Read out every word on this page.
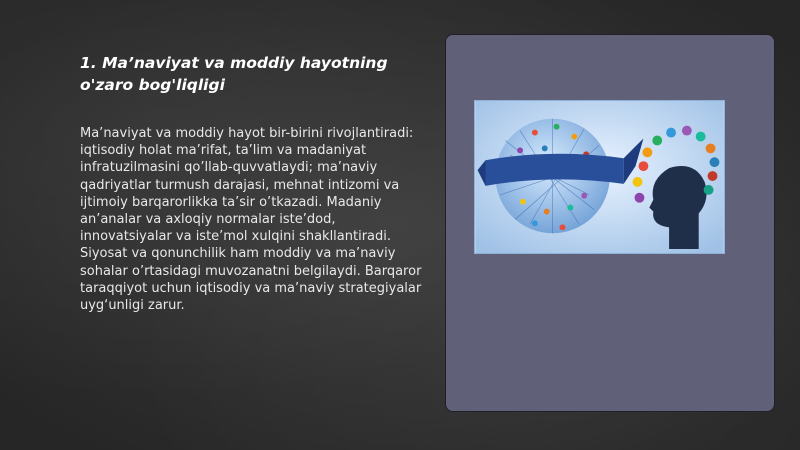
1. Ma’naviyat va moddiy hayotning o'zaro bog'liqligi
Ma’naviyat va moddiy hayot bir-birini rivojlantiradi: iqtisodiy holat ma’rifat, ta’lim va madaniyat infratuzilmasini qo’llab-quvvatlaydi; ma’naviy qadriyatlar turmush darajasi, mehnat intizomi va ijtimoiy barqarorlikka ta’sir o’tkazadi. Madaniy an’analar va axloqiy normalar iste’dod, innovatsiyalar va iste’mol xulqini shakllantiradi. Siyosat va qonunchilik ham moddiy va ma’naviy sohalar o’rtasidagi muvozanatni belgilaydi. Barqaror taraqqiyot uchun iqtisodiy va ma’naviy strategiyalar uyg‘unligi zarur.
